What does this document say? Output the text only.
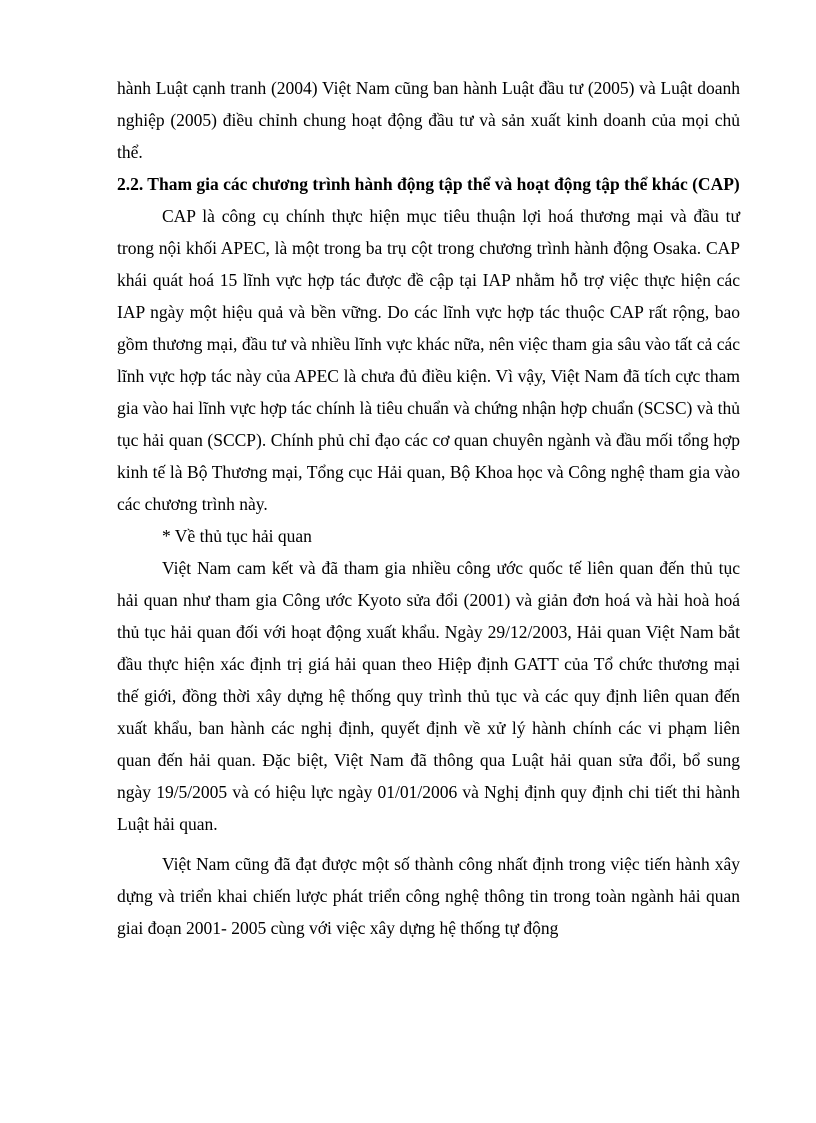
hành Luật cạnh tranh (2004) Việt Nam cũng ban hành Luật đầu tư (2005) và Luật doanh nghiệp (2005) điều chỉnh chung hoạt động đầu tư và sản xuất kinh doanh của mọi chủ thể.

2.2. Tham gia các chương trình hành động tập thể và hoạt động tập thể khác (CAP)

CAP là công cụ chính thực hiện mục tiêu thuận lợi hoá thương mại và đầu tư trong nội khối APEC, là một trong ba trụ cột trong chương trình hành động Osaka. CAP khái quát hoá 15 lĩnh vực hợp tác được đề cập tại IAP nhằm hỗ trợ việc thực hiện các IAP ngày một hiệu quả và bền vững. Do các lĩnh vực hợp tác thuộc CAP rất rộng, bao gồm thương mại, đầu tư và nhiều lĩnh vực khác nữa, nên việc tham gia sâu vào tất cả các lĩnh vực hợp tác này của APEC là chưa đủ điều kiện. Vì vậy, Việt Nam đã tích cực tham gia vào hai lĩnh vực hợp tác chính là tiêu chuẩn và chứng nhận hợp chuẩn (SCSC) và thủ tục hải quan (SCCP). Chính phủ chỉ đạo các cơ quan chuyên ngành và đầu mối tổng hợp kinh tế là Bộ Thương mại, Tổng cục Hải quan, Bộ Khoa học và Công nghệ tham gia vào các chương trình này.

* Về thủ tục hải quan

Việt Nam cam kết và đã tham gia nhiều công ước quốc tế liên quan đến thủ tục hải quan như tham gia Công ước Kyoto sửa đổi (2001) và giản đơn hoá và hài hoà hoá thủ tục hải quan đối với hoạt động xuất khẩu. Ngày 29/12/2003, Hải quan Việt Nam bắt đầu thực hiện xác định trị giá hải quan theo Hiệp định GATT của Tổ chức thương mại thế giới, đồng thời xây dựng hệ thống quy trình thủ tục và các quy định liên quan đến xuất khẩu, ban hành các nghị định, quyết định về xử lý hành chính các vi phạm liên quan đến hải quan. Đặc biệt, Việt Nam đã thông qua Luật hải quan sửa đổi, bổ sung ngày 19/5/2005 và có hiệu lực ngày 01/01/2006 và Nghị định quy định chi tiết thi hành Luật hải quan.

Việt Nam cũng đã đạt được một số thành công nhất định trong việc tiến hành xây dựng và triển khai chiến lược phát triển công nghệ thông tin trong toàn ngành hải quan giai đoạn 2001- 2005 cùng với việc xây dựng hệ thống tự động
